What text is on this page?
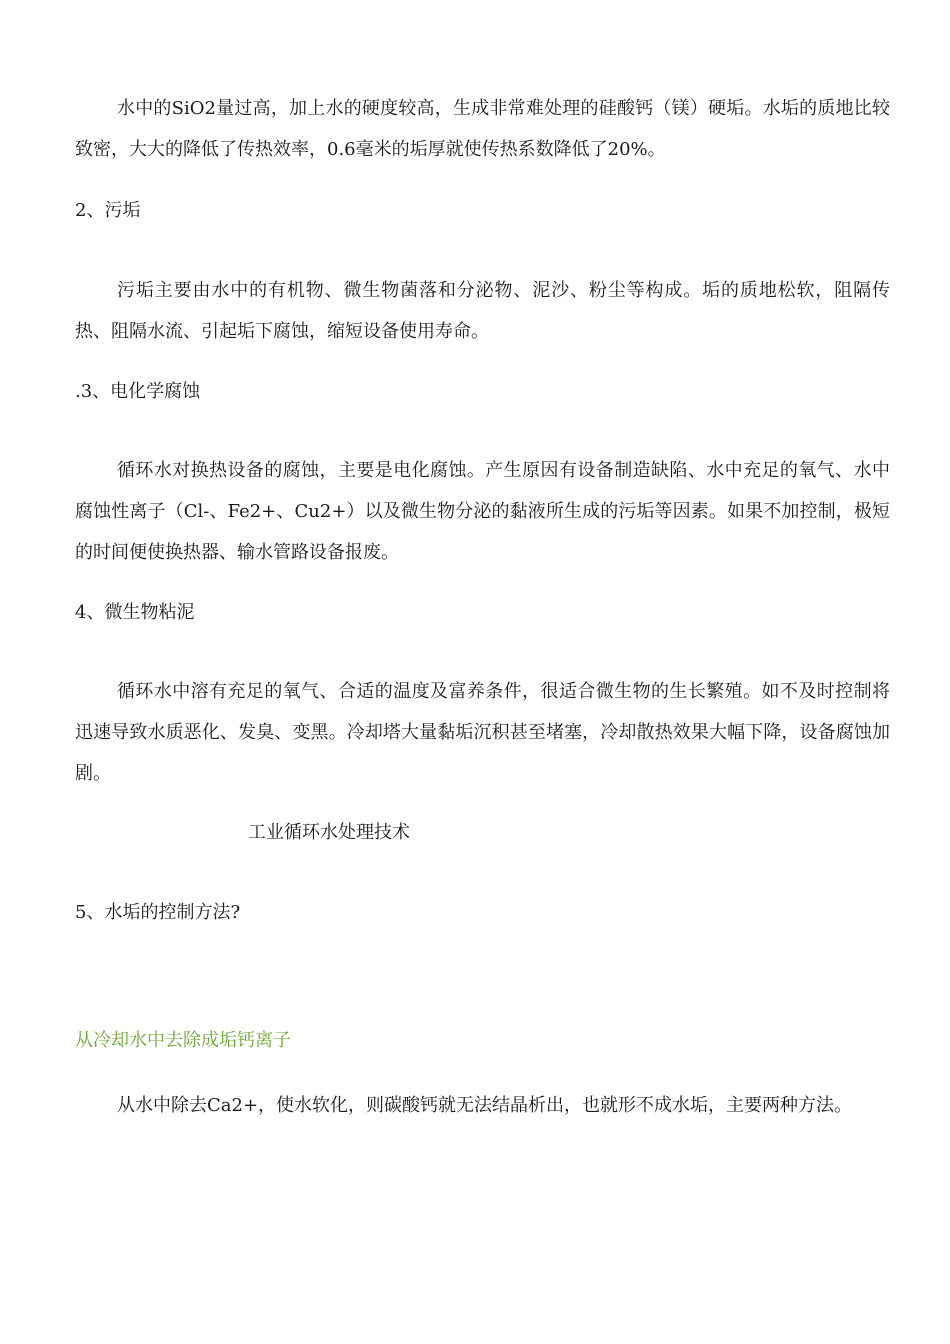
水中的SiO2量过高，加上水的硬度较高，生成非常难处理的硅酸钙（镁）硬垢。水垢的质地比较致密，大大的降低了传热效率，0.6毫米的垢厚就使传热系数降低了20%。
2、污垢
污垢主要由水中的有机物、微生物菌落和分泌物、泥沙、粉尘等构成。垢的质地松软，阻隔传热、阻隔水流、引起垢下腐蚀，缩短设备使用寿命。
.3、电化学腐蚀
循环水对换热设备的腐蚀，主要是电化腐蚀。产生原因有设备制造缺陷、水中充足的氧气、水中腐蚀性离子（Cl-、Fe2+、Cu2+）以及微生物分泌的黏液所生成的污垢等因素。如果不加控制，极短的时间便使换热器、输水管路设备报废。
4、微生物粘泥
循环水中溶有充足的氧气、合适的温度及富养条件，很适合微生物的生长繁殖。如不及时控制将迅速导致水质恶化、发臭、变黑。冷却塔大量黏垢沉积甚至堵塞，冷却散热效果大幅下降，设备腐蚀加剧。
工业循环水处理技术
5、水垢的控制方法?
从冷却水中去除成垢钙离子
从水中除去Ca2+，使水软化，则碳酸钙就无法结晶析出，也就形不成水垢，主要两种方法。
